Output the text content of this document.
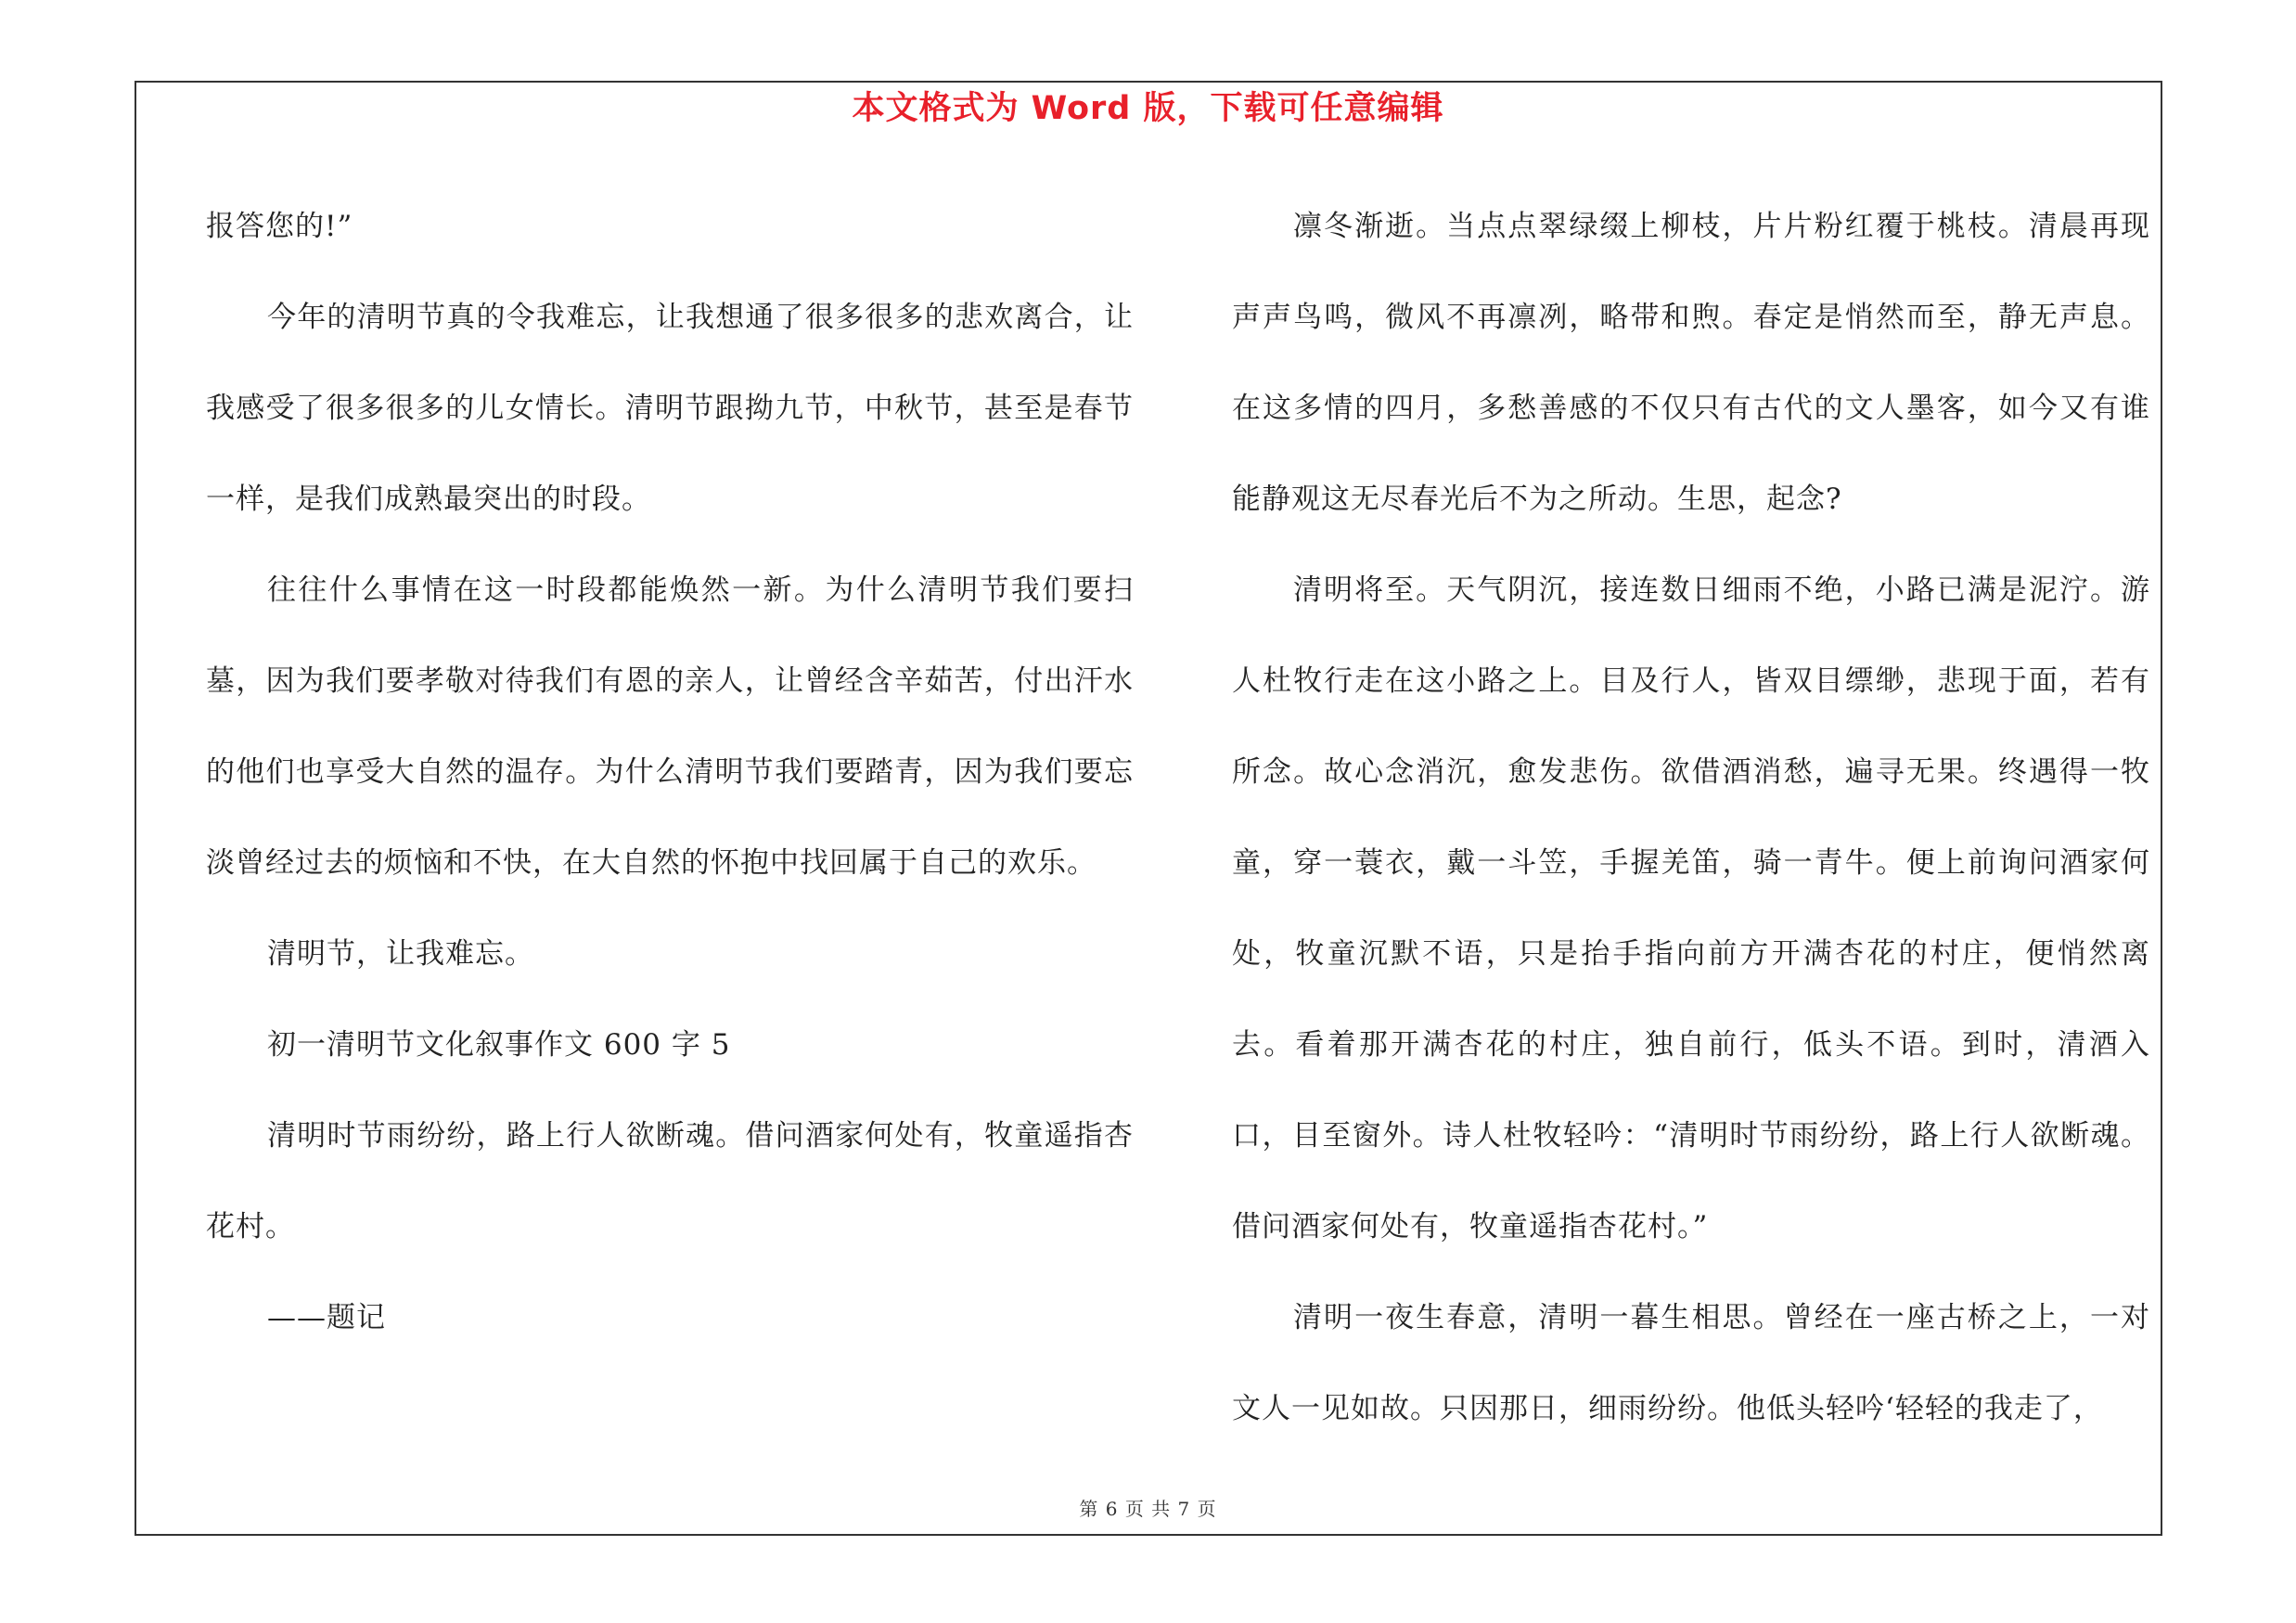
本文格式为 Word 版，下载可任意编辑

报答您的!”

今年的清明节真的令我难忘，让我想通了很多很多的悲欢离合，让我感受了很多很多的儿女情长。清明节跟拗九节，中秋节，甚至是春节一样，是我们成熟最突出的时段。

往往什么事情在这一时段都能焕然一新。为什么清明节我们要扫墓，因为我们要孝敬对待我们有恩的亲人，让曾经含辛茹苦，付出汗水的他们也享受大自然的温存。为什么清明节我们要踏青，因为我们要忘淡曾经过去的烦恼和不快，在大自然的怀抱中找回属于自己的欢乐。

清明节，让我难忘。

初一清明节文化叙事作文 600 字 5

清明时节雨纷纷，路上行人欲断魂。借问酒家何处有，牧童遥指杏花村。

——题记

凛冬渐逝。当点点翠绿缀上柳枝，片片粉红覆于桃枝。清晨再现声声鸟鸣，微风不再凛冽，略带和煦。春定是悄然而至，静无声息。在这多情的四月，多愁善感的不仅只有古代的文人墨客，如今又有谁能静观这无尽春光后不为之所动。生思，起念?

清明将至。天气阴沉，接连数日细雨不绝，小路已满是泥泞。游人杜牧行走在这小路之上。目及行人，皆双目缥缈，悲现于面，若有所念。故心念消沉，愈发悲伤。欲借酒消愁，遍寻无果。终遇得一牧童，穿一蓑衣，戴一斗笠，手握羌笛，骑一青牛。便上前询问酒家何处，牧童沉默不语，只是抬手指向前方开满杏花的村庄，便悄然离去。看着那开满杏花的村庄，独自前行，低头不语。到时，清酒入口，目至窗外。诗人杜牧轻吟：“清明时节雨纷纷，路上行人欲断魂。借问酒家何处有，牧童遥指杏花村。”

清明一夜生春意，清明一暮生相思。曾经在一座古桥之上，一对文人一见如故。只因那日，细雨纷纷。他低头轻吟‘轻轻的我走了，

第 6 页 共 7 页
